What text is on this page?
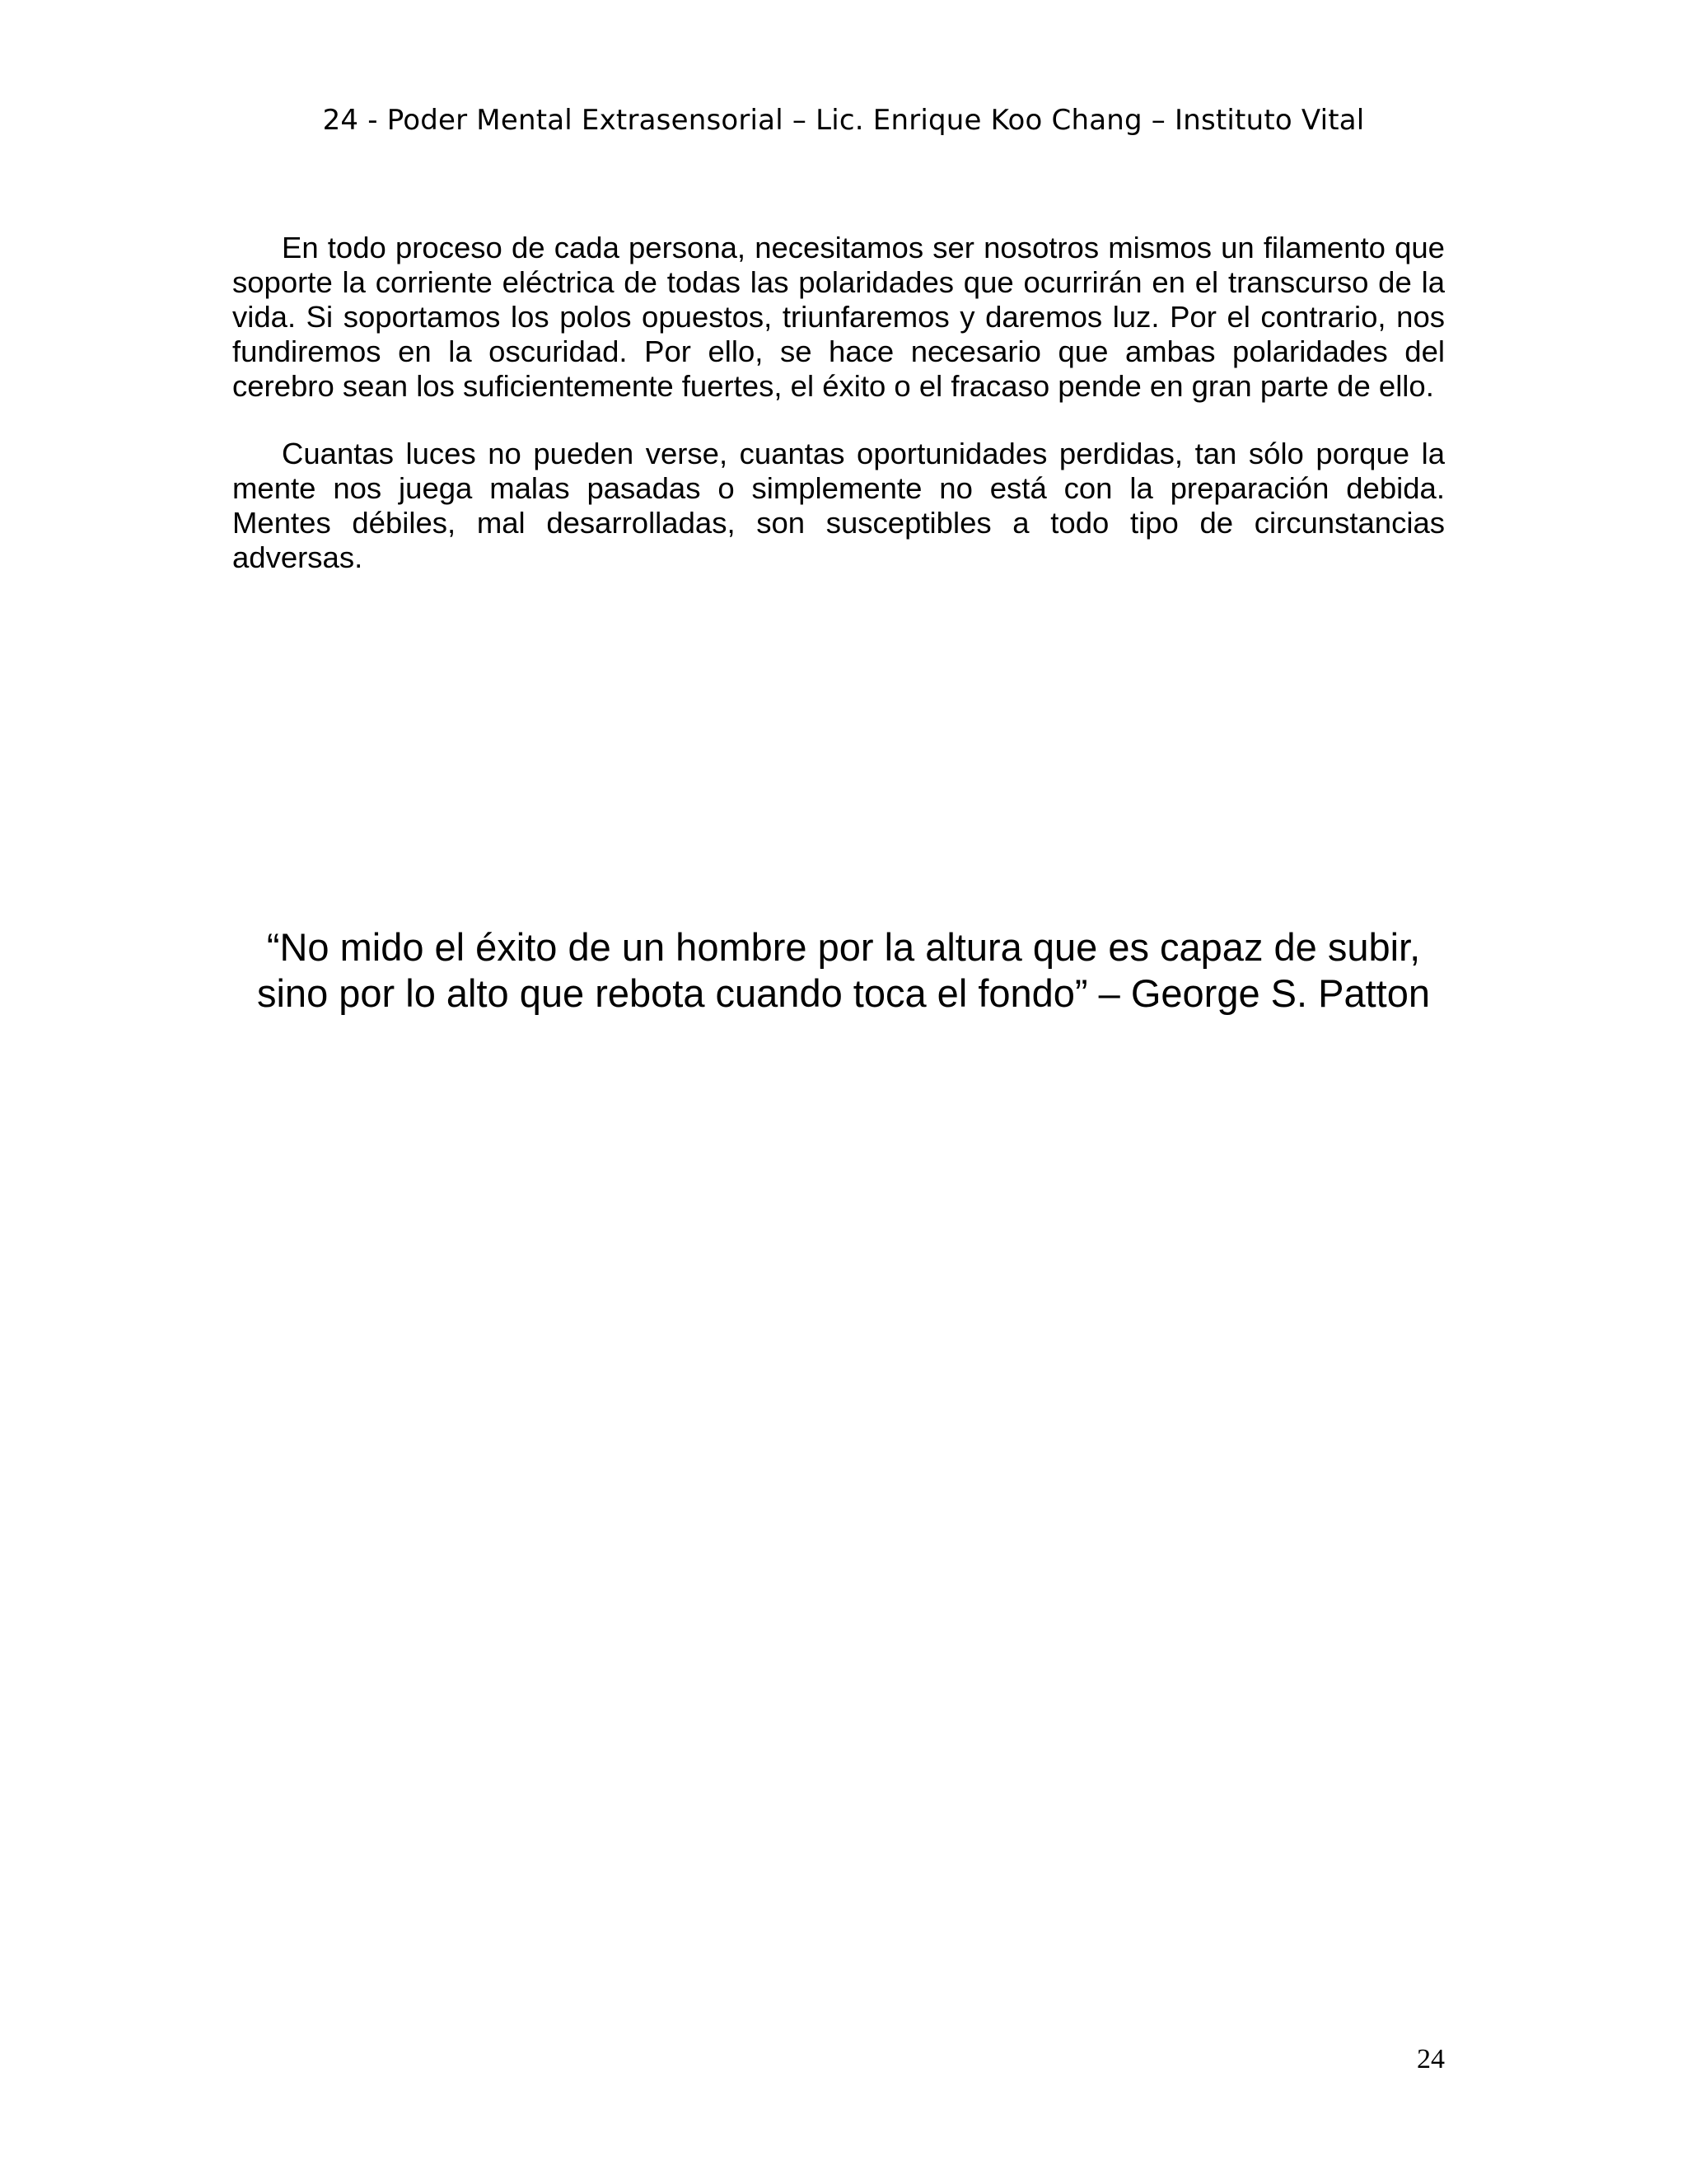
24 - Poder Mental Extrasensorial – Lic. Enrique Koo Chang – Instituto Vital

En todo proceso de cada persona, necesitamos ser nosotros mismos un filamento que soporte la corriente eléctrica de todas las polaridades que ocurrirán en el transcurso de la vida. Si soportamos los polos opuestos, triunfaremos y daremos luz. Por el contrario, nos fundiremos en la oscuridad. Por ello, se hace necesario que ambas polaridades del cerebro sean los suficientemente fuertes, el éxito o el fracaso pende en gran parte de ello.

Cuantas luces no pueden verse, cuantas oportunidades perdidas, tan sólo porque la mente nos juega malas pasadas o simplemente no está con la preparación debida. Mentes débiles, mal desarrolladas, son susceptibles a todo tipo de circunstancias adversas.

“No mido el éxito de un hombre por la altura que es capaz de subir,
sino por lo alto que rebota cuando toca el fondo” – George S. Patton

24
